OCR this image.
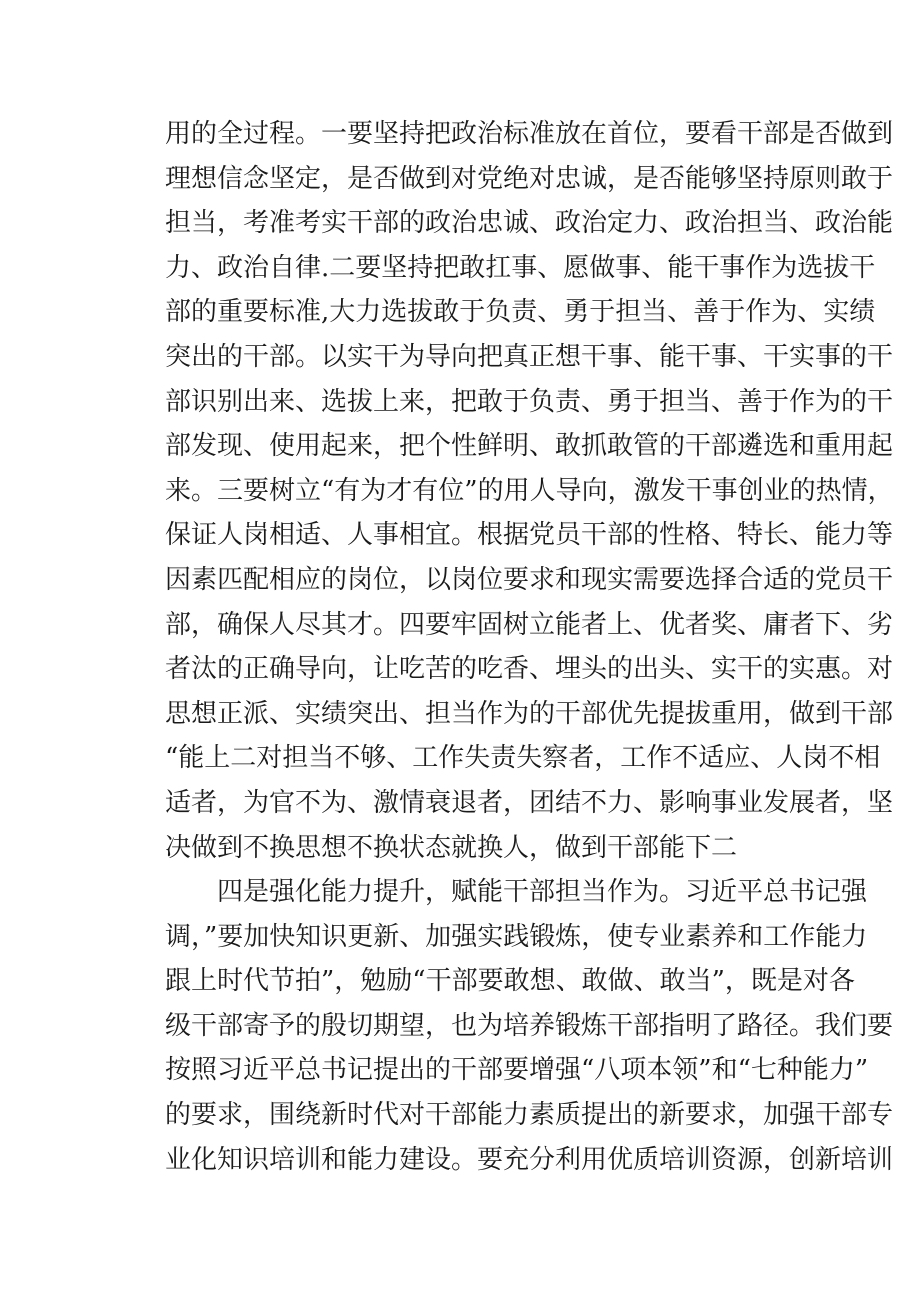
用的全过程。一要坚持把政治标准放在首位，要看干部是否做到
理想信念坚定，是否做到对党绝对忠诚，是否能够坚持原则敢于
担当，考准考实干部的政治忠诚、政治定力、政治担当、政治能
力、政治自律.二要坚持把敢扛事、愿做事、能干事作为选拔干
部的重要标准,大力选拔敢于负责、勇于担当、善于作为、实绩
突出的干部。以实干为导向把真正想干事、能干事、干实事的干
部识别出来、选拔上来，把敢于负责、勇于担当、善于作为的干
部发现、使用起来，把个性鲜明、敢抓敢管的干部遴选和重用起
来。三要树立“有为才有位”的用人导向，激发干事创业的热情，
保证人岗相适、人事相宜。根据党员干部的性格、特长、能力等
因素匹配相应的岗位，以岗位要求和现实需要选择合适的党员干
部，确保人尽其才。四要牢固树立能者上、优者奖、庸者下、劣
者汰的正确导向，让吃苦的吃香、埋头的出头、实干的实惠。对
思想正派、实绩突出、担当作为的干部优先提拔重用，做到干部
“能上二对担当不够、工作失责失察者，工作不适应、人岗不相
适者，为官不为、激情衰退者，团结不力、影响事业发展者，坚
决做到不换思想不换状态就换人，做到干部能下二
　　四是强化能力提升，赋能干部担当作为。习近平总书记强
调，”要加快知识更新、加强实践锻炼，使专业素养和工作能力
跟上时代节拍”，勉励“干部要敢想、敢做、敢当”，既是对各
级干部寄予的殷切期望，也为培养锻炼干部指明了路径。我们要
按照习近平总书记提出的干部要增强“八项本领”和“七种能力”
的要求，围绕新时代对干部能力素质提出的新要求，加强干部专
业化知识培训和能力建设。要充分利用优质培训资源，创新培训
